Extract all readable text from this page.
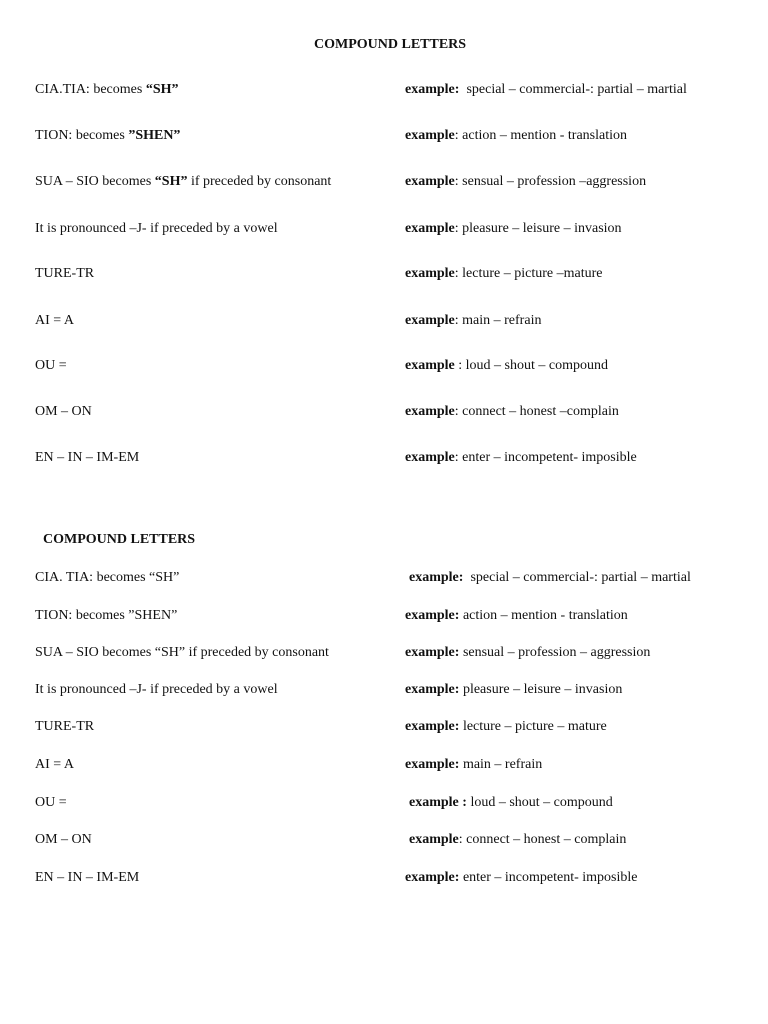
COMPOUND LETTERS
CIA.TIA: becomes “SH”	example:  special – commercial-: partial – martial
TION: becomes ”SHEN”	example: action – mention - translation
SUA – SIO becomes “SH” if preceded by consonant	example: sensual – profession –aggression
It is pronounced –J- if preceded by a vowel	example: pleasure – leisure – invasion
TURE-TR	example: lecture – picture –mature
AI = A	example: main – refrain
OU =	example : loud – shout – compound
OM – ON	example: connect – honest –complain
EN – IN – IM-EM	example: enter – incompetent- imposible
COMPOUND LETTERS
CIA. TIA: becomes “SH”	example:  special – commercial-: partial – martial
TION: becomes ”SHEN”	example: action – mention - translation
SUA – SIO becomes “SH” if preceded by consonant	example: sensual – profession – aggression
It is pronounced –J- if preceded by a vowel	example: pleasure – leisure – invasion
TURE-TR	example: lecture – picture – mature
AI = A	example: main – refrain
OU =	example : loud – shout – compound
OM – ON	example: connect – honest – complain
EN – IN – IM-EM	example: enter – incompetent- imposible
